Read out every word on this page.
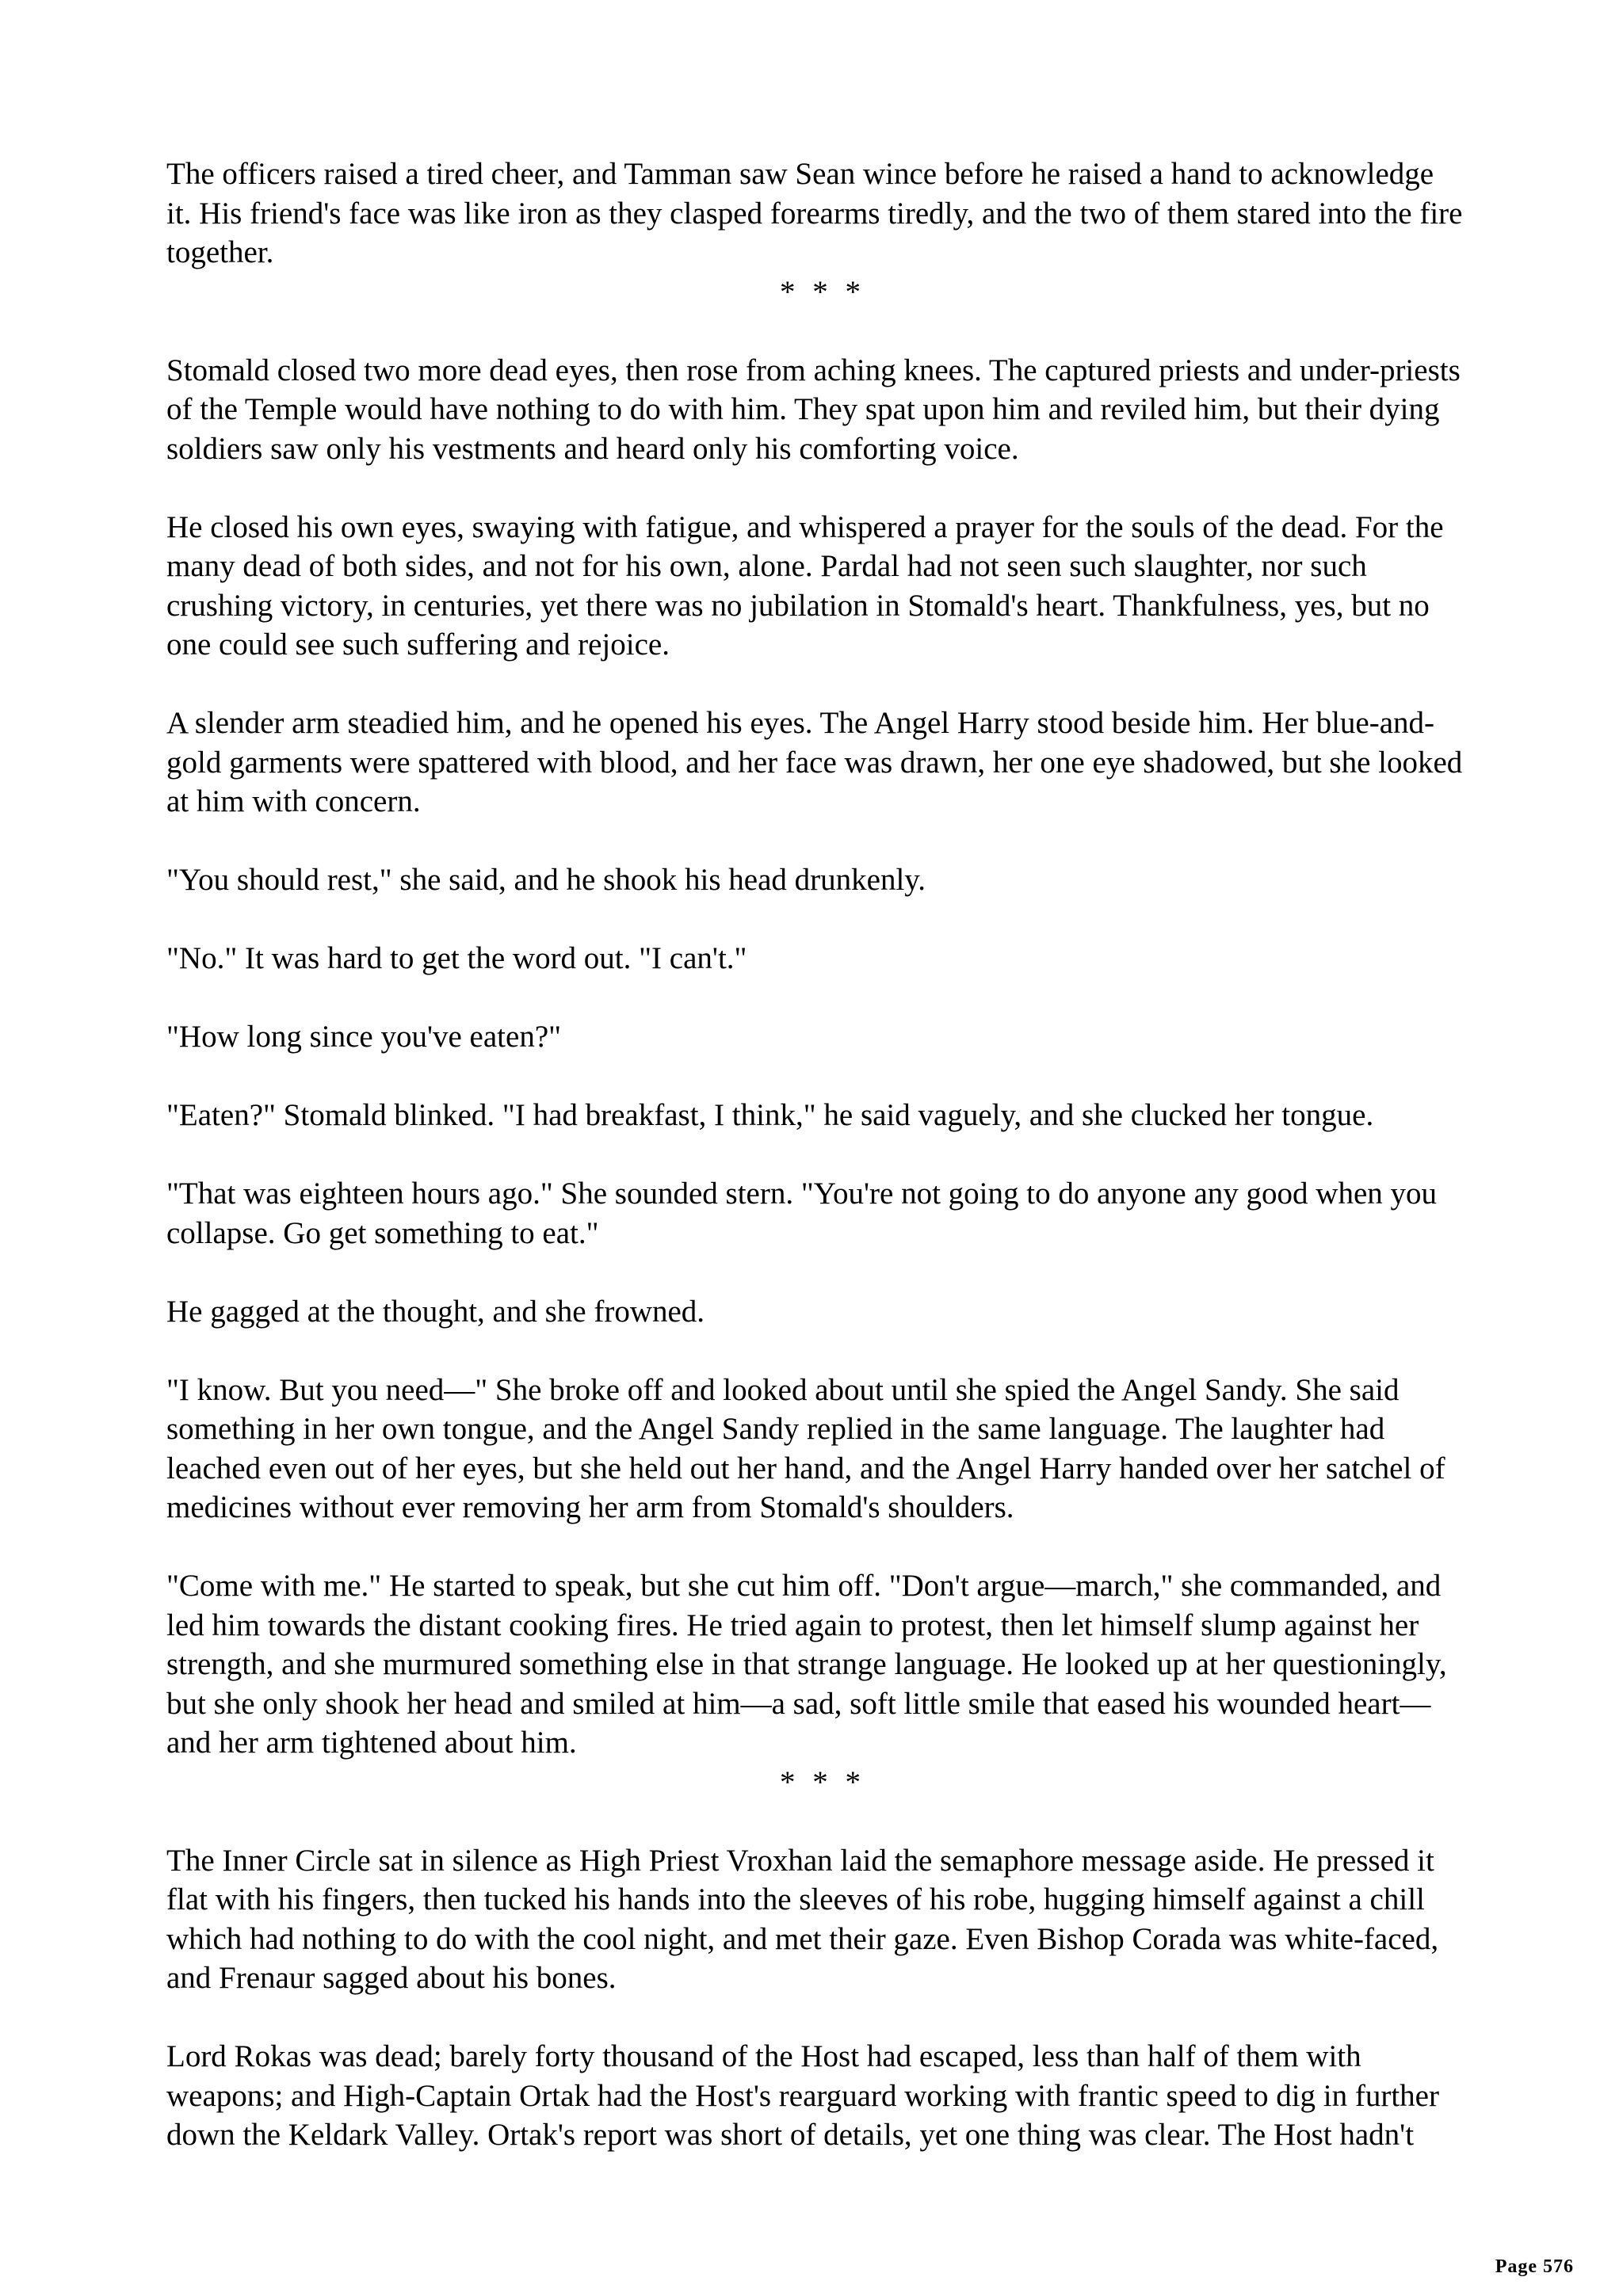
The officers raised a tired cheer, and Tamman saw Sean wince before he raised a hand to acknowledge it. His friend's face was like iron as they clasped forearms tiredly, and the two of them stared into the fire together.

* * *

Stomald closed two more dead eyes, then rose from aching knees. The captured priests and under-priests of the Temple would have nothing to do with him. They spat upon him and reviled him, but their dying soldiers saw only his vestments and heard only his comforting voice.

He closed his own eyes, swaying with fatigue, and whispered a prayer for the souls of the dead. For the many dead of both sides, and not for his own, alone. Pardal had not seen such slaughter, nor such crushing victory, in centuries, yet there was no jubilation in Stomald's heart. Thankfulness, yes, but no one could see such suffering and rejoice.

A slender arm steadied him, and he opened his eyes. The Angel Harry stood beside him. Her blue-and-gold garments were spattered with blood, and her face was drawn, her one eye shadowed, but she looked at him with concern.

"You should rest," she said, and he shook his head drunkenly.

"No." It was hard to get the word out. "I can't."

"How long since you've eaten?"

"Eaten?" Stomald blinked. "I had breakfast, I think," he said vaguely, and she clucked her tongue.

"That was eighteen hours ago." She sounded stern. "You're not going to do anyone any good when you collapse. Go get something to eat."

He gagged at the thought, and she frowned.

"I know. But you need—" She broke off and looked about until she spied the Angel Sandy. She said something in her own tongue, and the Angel Sandy replied in the same language. The laughter had leached even out of her eyes, but she held out her hand, and the Angel Harry handed over her satchel of medicines without ever removing her arm from Stomald's shoulders.

"Come with me." He started to speak, but she cut him off. "Don't argue—march," she commanded, and led him towards the distant cooking fires. He tried again to protest, then let himself slump against her strength, and she murmured something else in that strange language. He looked up at her questioningly, but she only shook her head and smiled at him—a sad, soft little smile that eased his wounded heart—and her arm tightened about him.

* * *

The Inner Circle sat in silence as High Priest Vroxhan laid the semaphore message aside. He pressed it flat with his fingers, then tucked his hands into the sleeves of his robe, hugging himself against a chill which had nothing to do with the cool night, and met their gaze. Even Bishop Corada was white-faced, and Frenaur sagged about his bones.

Lord Rokas was dead; barely forty thousand of the Host had escaped, less than half of them with weapons; and High-Captain Ortak had the Host's rearguard working with frantic speed to dig in further down the Keldark Valley. Ortak's report was short of details, yet one thing was clear. The Host hadn't

Page 576
